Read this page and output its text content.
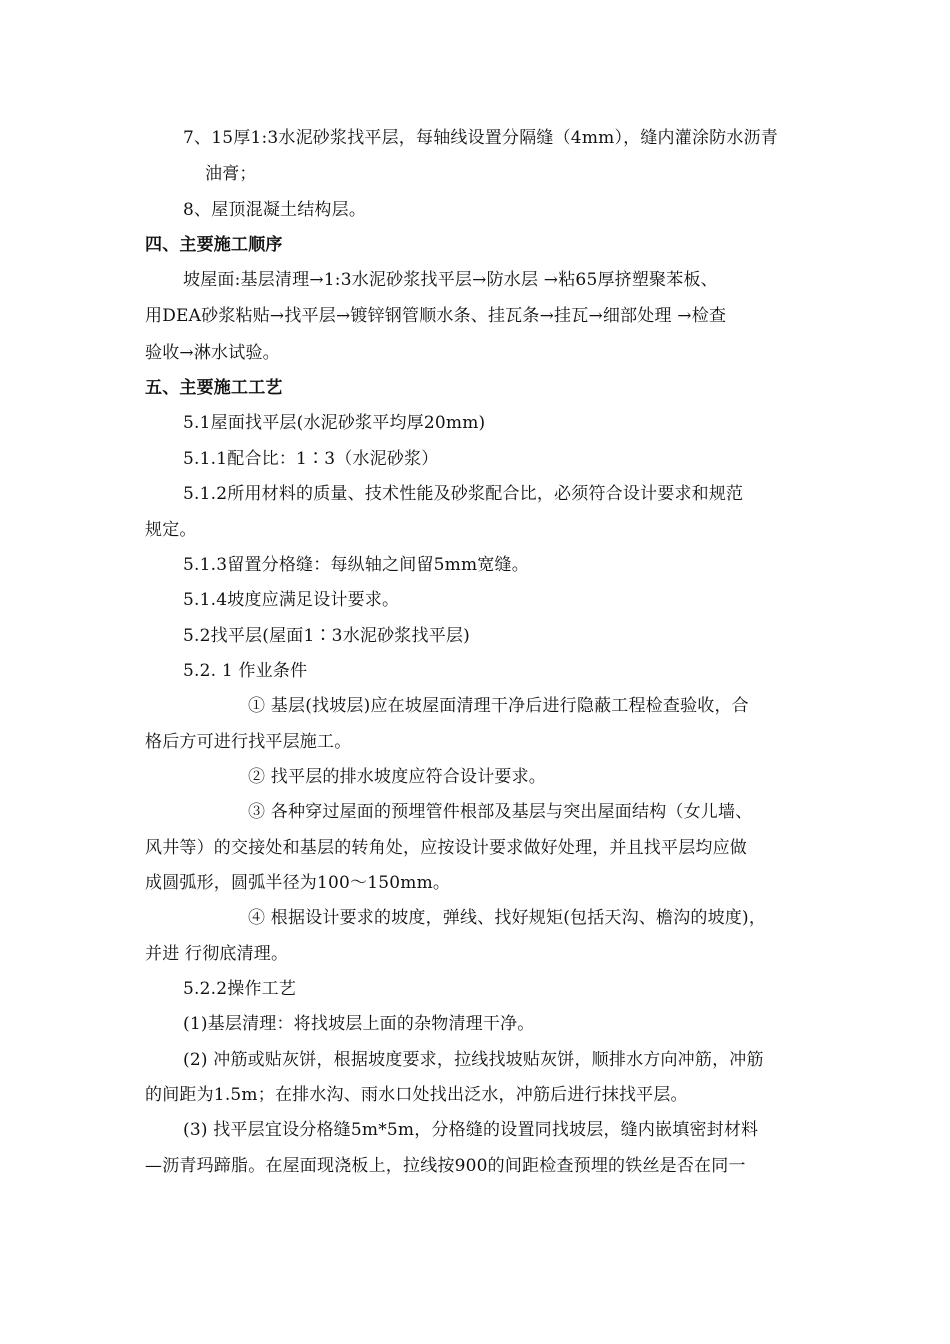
7、15厚1:3水泥砂浆找平层，每轴线设置分隔缝（4mm），缝内灌涂防水沥青
油膏；
8、屋顶混凝土结构层。
四、主要施工顺序
坡屋面:基层清理→1:3水泥砂浆找平层→防水层 →粘65厚挤塑聚苯板、
用DEA砂浆粘贴→找平层→镀锌钢管顺水条、挂瓦条→挂瓦→细部处理 →检查
验收→淋水试验。
五、主要施工工艺
5.1屋面找平层(水泥砂浆平均厚20mm)
5.1.1配合比：1∶3（水泥砂浆）
5.1.2所用材料的质量、技术性能及砂浆配合比，必须符合设计要求和规范
规定。
5.1.3留置分格缝：每纵轴之间留5mm宽缝。
5.1.4坡度应满足设计要求。
5.2找平层(屋面1∶3水泥砂浆找平层)
5.2. 1 作业条件
① 基层(找坡层)应在坡屋面清理干净后进行隐蔽工程检查验收，合
格后方可进行找平层施工。
② 找平层的排水坡度应符合设计要求。
③ 各种穿过屋面的预埋管件根部及基层与突出屋面结构（女儿墙、
风井等）的交接处和基层的转角处，应按设计要求做好处理，并且找平层均应做
成圆弧形，圆弧半径为100～150mm。
④ 根据设计要求的坡度，弹线、找好规矩(包括天沟、檐沟的坡度)，
并进 行彻底清理。
5.2.2操作工艺
(1)基层清理：将找坡层上面的杂物清理干净。
(2) 冲筋或贴灰饼，根据坡度要求，拉线找坡贴灰饼，顺排水方向冲筋，冲筋
的间距为1.5m；在排水沟、雨水口处找出泛水，冲筋后进行抹找平层。
(3) 找平层宜设分格缝5m*5m，分格缝的设置同找坡层，缝内嵌填密封材料
—沥青玛蹄脂。在屋面现浇板上，拉线按900的间距检查预埋的铁丝是否在同一
